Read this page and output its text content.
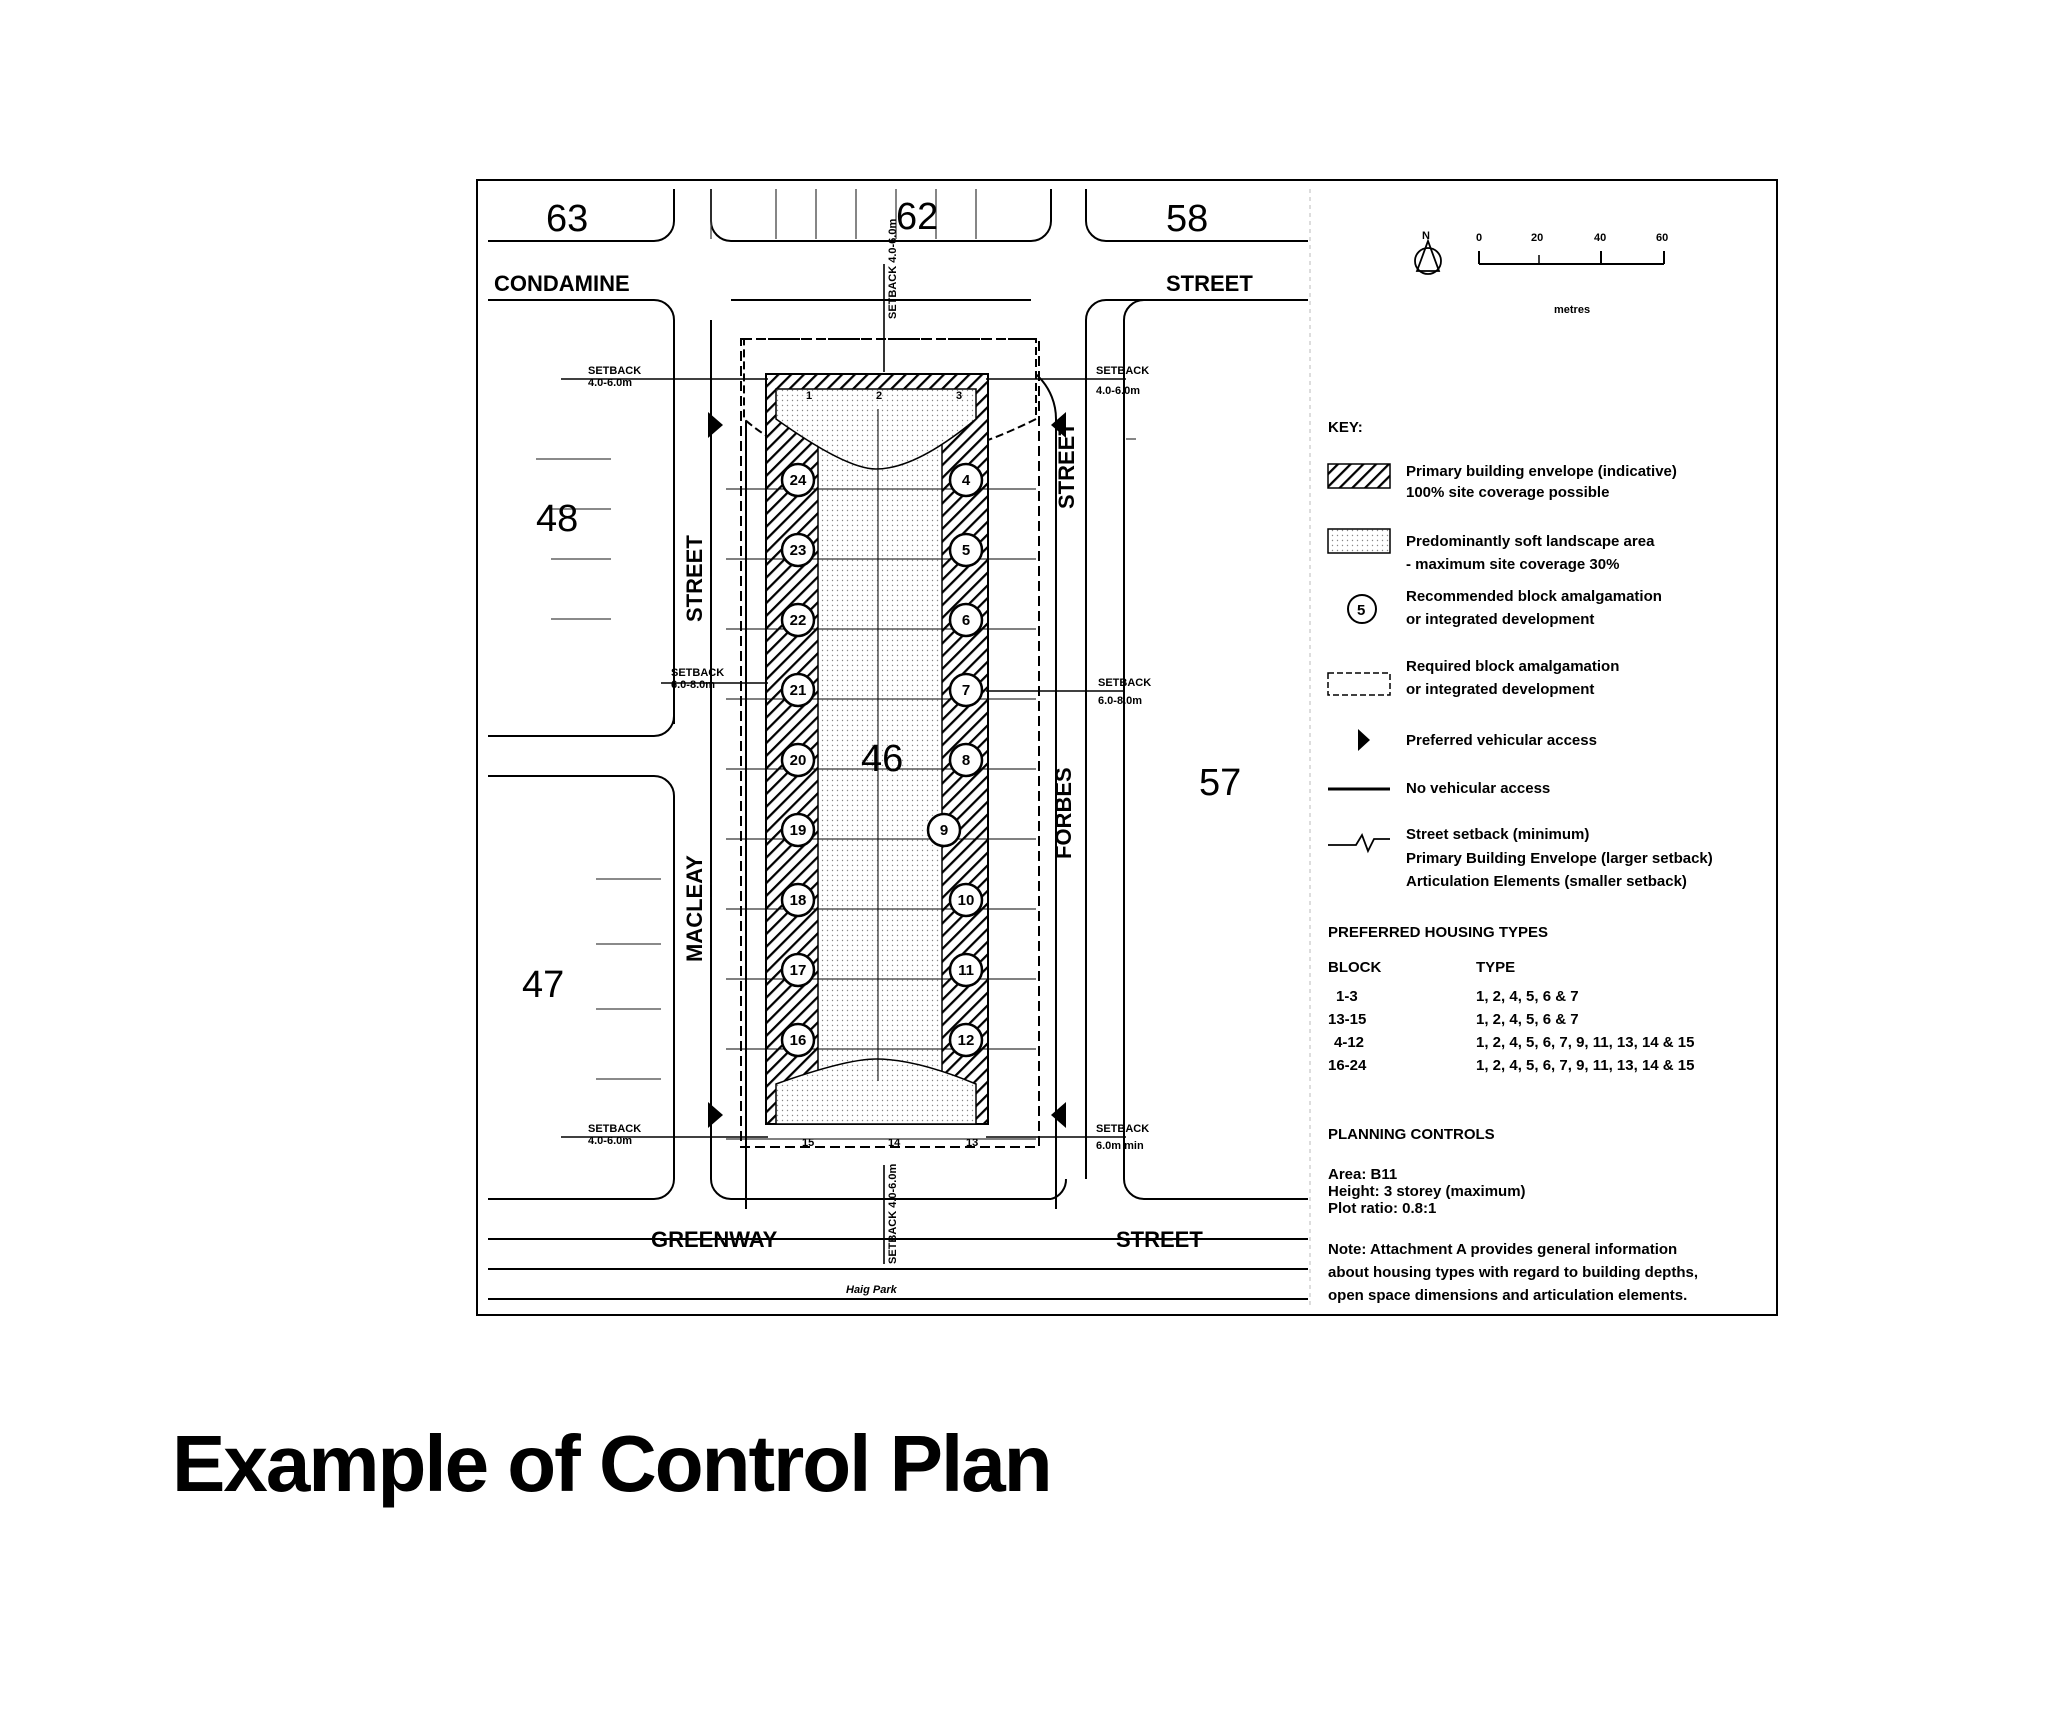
24
23
22
21
20
19
18
17
16
4
5
6
7
8
9
10
11
12
1	2	3
15	14	13
63	62	58
48
47
46
57
CONDAMINE	STREET
STREET
STREET
MACLEAY
FORBES
GREENWAY	STREET
Haig Park
SETBACK
4.0-6.0m
SETBACK
4.0-6.0m
SETBACK 4.0-6.0m
SETBACK
6.0-8.0m	SETBACK
6.0-8.0m
SETBACK
4.0-6.0m
SETBACK
6.0m min
SETBACK 4.0-6.0m
N	0	20	40	60
metres
KEY:
Primary building envelope (indicative)
100% site coverage possible
Predominantly soft landscape area
- maximum site coverage 30%
5
Recommended block amalgamation
or integrated development
Required block amalgamation
or integrated development
Preferred vehicular access
No vehicular access
Street setback (minimum)
Primary Building Envelope (larger setback)
Articulation Elements (smaller setback)
PREFERRED HOUSING TYPES
BLOCK	TYPE
1-3	1, 2, 4, 5, 6 & 7
13-15	1, 2, 4, 5, 6 & 7
4-12	1, 2, 4, 5, 6, 7, 9, 11, 13, 14 & 15
16-24	1, 2, 4, 5, 6, 7, 9, 11, 13, 14 & 15
PLANNING CONTROLS
Area: B11
Height: 3 storey (maximum)
Plot ratio: 0.8:1
Note: Attachment A provides general information
about housing types with regard to building depths,
open space dimensions and articulation elements.
Example of Control Plan
